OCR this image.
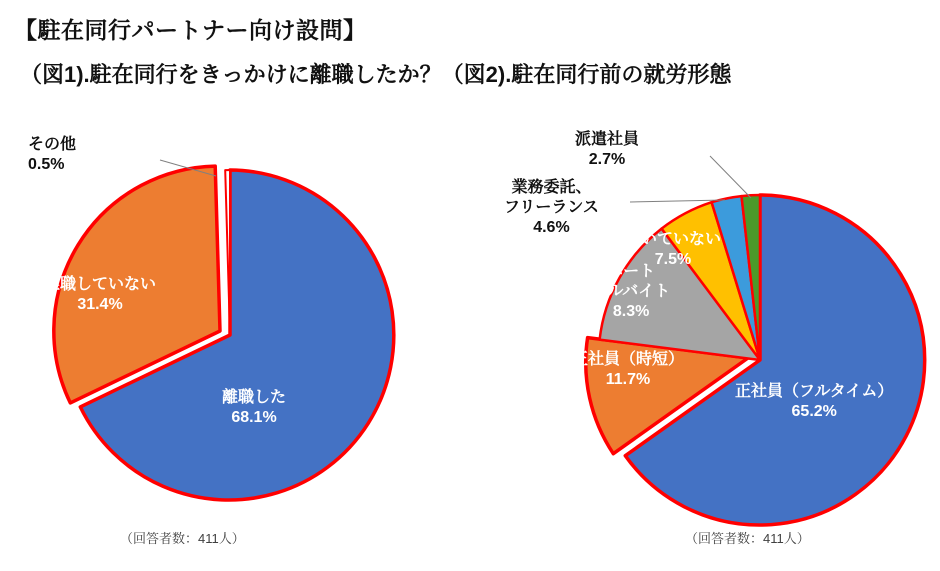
【駐在同行パートナー向け設問】
（図1).駐在同行をきっかけに離職したか？（図2).駐在同行前の就労形態
その他
0.5%
離職していない
31.4%
離職した
68.1%
（回答者数：411人）
派遣社員
2.7%
業務委託、
フリーランス
4.6%
働いていない
7.5%
パート
アルバイト
8.3%
正社員（時短）
11.7%
正社員（フルタイム）
65.2%
（回答者数：411人）
